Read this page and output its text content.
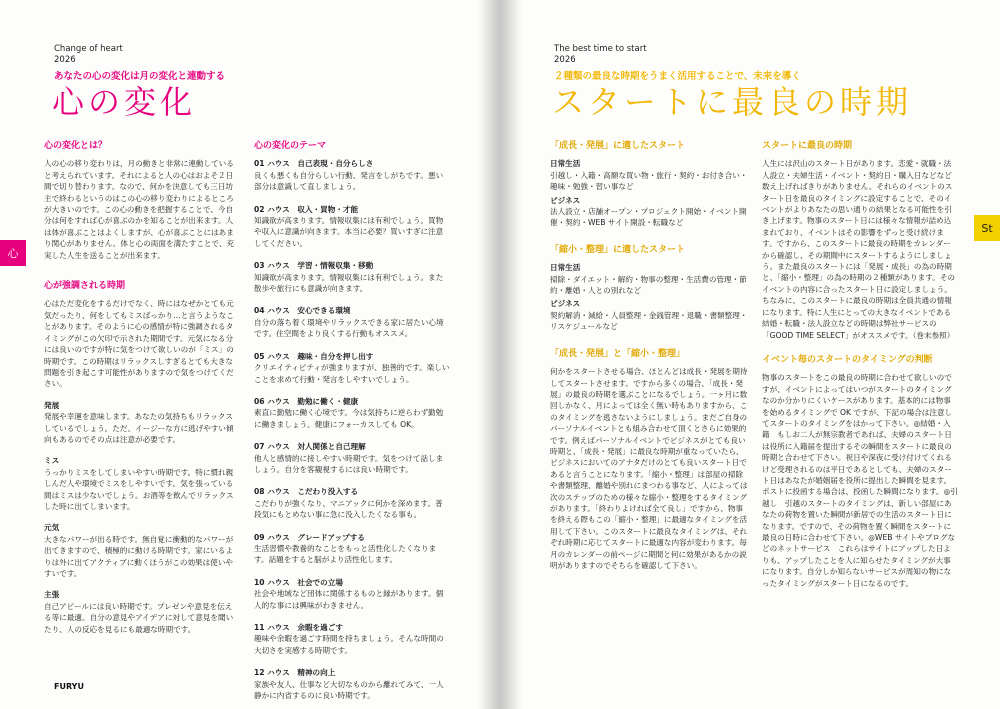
Change of heart
2026
あなたの心の変化は月の変化と連動する
心の変化
心
心の変化とは？

人の心の移り変わりは、月の動きと非常に連動していると考えられています。それによると人の心はおよそ２日間で切り替わります。なので、何かを決意しても三日坊主で終わるというのはこの心の移り変わりによるところが大きいのです。この心の動きを把握することで、今自分は何をすれば心が喜ぶのかを知ることが出来ます。人は体が喜ぶことはよくしますが、心が喜ぶことにはあまり関心がありません。体と心の両面を満たすことで、充実した人生を送ることが出来ます。

心が強調される時期

心はただ変化をするだけでなく、時にはなぜかとても元気だったり、何をしてもミスばっかり…と言うようなことがあります。そのように心の感情が特に強調されるタイミングがこの欠印で示された期間です。元気になる分には良いのですが特に気をつけて欲しいのが「ミス」の時期です。この時期はリラックスしすぎるとても大きな問題を引き起こす可能性がありますので気をつけてください。

発展

発展や幸運を意味します。あなたの気持ちもリラックスしているでしょう。ただ、イージーな方に逃げやすい傾向もあるのでその点は注意が必要です。

ミス

うっかりミスをしてしまいやすい時期です。特に慣れ親しんだ人や環境でミスをしやすいです。気を張っている間はミスは少ないでしょう。お酒等を飲んでリラックスした時に出てしまいます。

元気

大きなパワーが出る時です。無自覚に衝動的なパワーが出てきますので、積極的に動ける時期です。家にいるよりは外に出てアクティブに動くほうがこの効果は使いやすいです。

主張

自己アピールには良い時期です。プレゼンや意見を伝える等に最適。自分の意見やアイデアに対して意見を聞いたり、人の反応を見るにも最適な時期です。

心の変化のテーマ
01 ハウス　自己表現・自分らしさ

良くも悪くも自分らしい行動、発言をしがちです。悪い部分は意識して直しましょう。

02 ハウス　収入・買物・才能

知識欲が高まります。情報収集には有利でしょう。買物や収入に意識が向きます。本当に必要？買いすぎに注意してください。

03 ハウス　学習・情報収集・移動

知識欲が高まります。情報収集には有利でしょう。また散歩や旅行にも意識が向きます。

04 ハウス　安心できる環境

自分の落ち着く環境やリラックスできる家に居たい心境です。住空間をより良くする行動もオススメ。

05 ハウス　趣味・自分を押し出す

クリエイティビティが強まりますが、独善的です。楽しいことを求めて行動・発言をしやすいでしょう。

06 ハウス　勤勉に働く・健康

素直に勤勉に働く心境です。今は気持ちに逆らわず勤勉に働きましょう。健康にフォーカスしても OK。

07 ハウス　対人関係と自己理解

他人と感情的に接しやすい時期です。気をつけて話しましょう。自分を客観視するには良い時期です。

08 ハウス　こだわり没入する

こだわりが強くなり、マニアックに何かを深めます。普段気にもとめない事に急に没入したくなる事も。

09 ハウス　グレードアップする

生活習慣や教養的なことをもっと活性化したくなります。話題をすると脳がより活性化します。

10 ハウス　社会での立場

社会や地域など団体に関係するものと縁があります。個人的な事には興味がわきません。

11 ハウス　余暇を過ごす

趣味や余暇を過ごす時間を持ちましょう。そんな時間の大切さを実感する時期です。

12 ハウス　精神の向上

家族や友人、仕事など大切なものから離れてみて、一人静かに内省するのに良い時期です。

FURYU
The best time to start
2026
２種類の最良な時期をうまく活用することで、未来を導く
スタートに最良の時期
St
「成長・発展」に適したスタート
日常生活

引越し・入籍・高額な買い物・旅行・契約・お付き合い・趣味・勉強・習い事など

ビジネス

法人設立・店舗オープン・プロジェクト開始・イベント開催・契約・WEB サイト開設・転職など

「縮小・整理」に適したスタート
日常生活

掃除・ダイエット・解約・物事の整理・生活費の管理・節約・離婚・人との別れなど

ビジネス

契約解消・減給・人員整理・金銭管理・退職・書類整理・リスケジュールなど

「成長・発展」と「縮小・整理」

何かをスタートさせる場合、ほとんどは成長・発展を期待してスタートさせます。ですから多くの場合、「成長・発展」の最良の時期を選ぶことになるでしょう。一ヶ月に数回しかなく、月によっては全く無い時もありますから、このタイミングを逃さないようにしましょう。まだご自身のパーソナルイベントとも組み合わせて頂くとさらに効果的です。例えばパーソナルイベントでビジネスがとても良い時期と、「成長・発展」に最良な時期が重なっていたら、ビジネスにおいてのアナタだけのとても良いスタート日であると言うことになります。「縮小・整理」は部屋の掃除や書類整理、離婚や別れにまつわる事など、人によっては次のステップのための様々な縮小・整理をするタイミングがあります。「終わりよければ全て良し」ですから、物事を終える際もこの「縮小・整理」に最適なタイミングを活用して下さい。このスタートに最良なタイミングは、それぞれ時期に応じてスタートに最適な内容が変わります。毎月のカレンダーの前ページに期間と何に効果があるかの説明がありますのでそちらを確認して下さい。

スタートに最良の時期

人生には沢山のスタート日があります。恋愛・就職・法人設立・夫婦生活・イベント・契約日・購入日などなど数え上げればきりがありません。それらのイベントのスタート日を最良のタイミングに設定することで、そのイベントがよりあなたの思い通りの結果となる可能性を引き上げます。物事のスタート日には様々な情報が詰め込まれており、イベントはその影響をずっと受け続けます。ですから、このスタートに最良の時期をカレンダーから確認し、その期間中にスタートするようにしましょう。また最良のスタートには「発展・成長」の為の時期と、「縮小・整理」の為の時期の２種類があります。そのイベントの内容に合ったスタート日に設定しましょう。ちなみに、このスタートに最良の時期は全員共通の情報になります。特に人生にとっての大きなイベントである結婚・転職・法人設立などの時期は弊社サービスの「GOOD TIME SELECT」がオススメです。（巻末参照）

イベント毎のスタートのタイミングの判断

物事のスタートをこの最良の時期に合わせて欲しいのですが、イベントによってはいつがスタートのタイミングなのか分かりにくいケースがあります。基本的には物事を始めるタイミングで OK ですが、下記の場合は注意してスタートのタイミングをはかって下さい。◎結婚・入籍　もしお二人が無宗教者であれば、夫婦のスタート日は役所に入籍届を提出するその瞬間をスタートに最良の時期と合わせて下さい。祝日や深夜に受け付けてくれるけど受理されるのは平日であるとしても、夫婦のスタート日はあなたが婚姻届を役所に提出した瞬間を見ます。 ポストに投函する場合は、投函した瞬間になります。◎引越し　引越のスタートのタイミングは、新しい部屋にあなたの荷物を置いた瞬間が新居での生活のスタート日になります。ですので、その荷物を置く瞬間をスタートに最良の日時に合わせて下さい。◎WEB サイトやブログなどのネットサービス　これらはサイトにアップした日よりも、アップしたことを人に知らせたタイミングが大事になります。自分しか知らないサービスが周知の物になったタイミングがスタート日になるのです。
